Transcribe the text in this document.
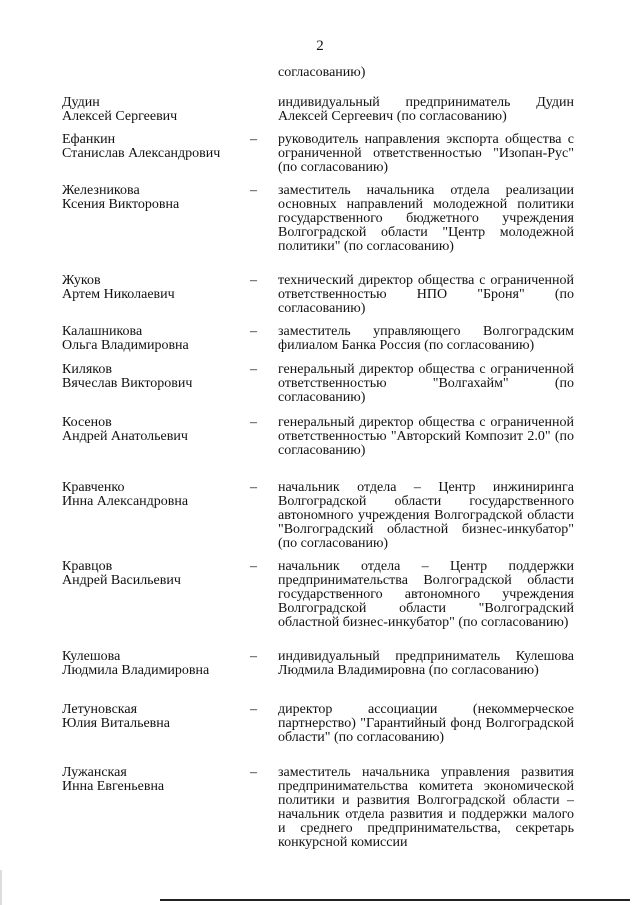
2
согласованию)
Дудин
Алексей Сергеевич
индивидуальный предприниматель Дудин Алексей Сергеевич (по согласованию)
Ефанкин
Станислав Александрович
– руководитель направления экспорта общества с ограниченной ответственностью "Изопан-Рус" (по согласованию)
Железникова
Ксения Викторовна
– заместитель начальника отдела реализации основных направлений молодежной политики государственного бюджетного учреждения Волгоградской области "Центр молодежной политики" (по согласованию)
Жуков
Артем Николаевич
– технический директор общества с ограниченной ответственностью НПО "Броня" (по согласованию)
Калашникова
Ольга Владимировна
– заместитель управляющего Волгоградским филиалом Банка Россия (по согласованию)
Киляков
Вячеслав Викторович
– генеральный директор общества с ограниченной ответственностью "Волгахайм" (по согласованию)
Косенов
Андрей Анатольевич
– генеральный директор общества с ограниченной ответственностью "Авторский Композит 2.0" (по согласованию)
Кравченко
Инна Александровна
– начальник отдела – Центр инжиниринга Волгоградской области государственного автономного учреждения Волгоградской области "Волгоградский областной бизнес-инкубатор" (по согласованию)
Кравцов
Андрей Васильевич
– начальник отдела – Центр поддержки предпринимательства Волгоградской области государственного автономного учреждения Волгоградской области "Волгоградский областной бизнес-инкубатор" (по согласованию)
Кулешова
Людмила Владимировна
– индивидуальный предприниматель Кулешова Людмила Владимировна (по согласованию)
Летуновская
Юлия Витальевна
– директор ассоциации (некоммерческое партнерство) "Гарантийный фонд Волгоградской области" (по согласованию)
Лужанская
Инна Евгеньевна
– заместитель начальника управления развития предпринимательства комитета экономической политики и развития Волгоградской области – начальник отдела развития и поддержки малого и среднего предпринимательства, секретарь конкурсной комиссии
